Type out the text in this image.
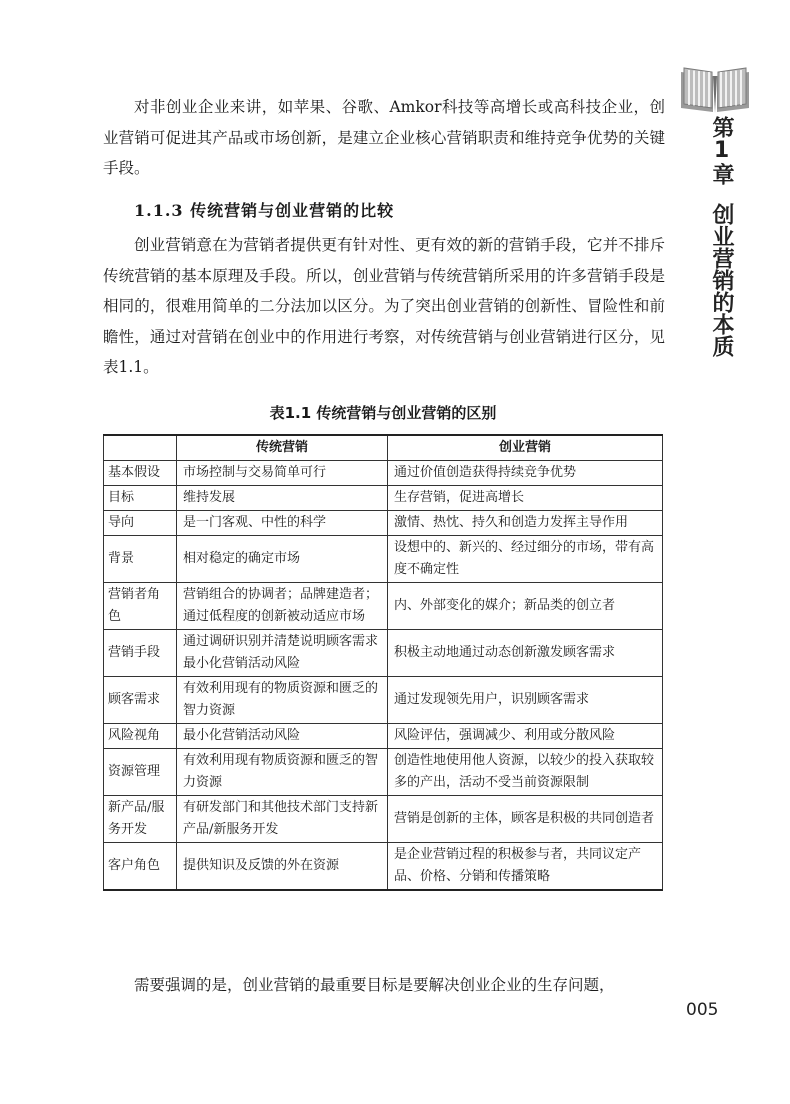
第1章
创业营销的本质

对非创业企业来讲，如苹果、谷歌、Amkor科技等高增长或高科技企业，创业营销可促进其产品或市场创新，是建立企业核心营销职责和维持竞争优势的关键手段。

1.1.3 传统营销与创业营销的比较

创业营销意在为营销者提供更有针对性、更有效的新的营销手段，它并不排斥传统营销的基本原理及手段。所以，创业营销与传统营销所采用的许多营销手段是相同的，很难用简单的二分法加以区分。为了突出创业营销的创新性、冒险性和前瞻性，通过对营销在创业中的作用进行考察，对传统营销与创业营销进行区分，见表1.1。

表1.1 传统营销与创业营销的区别

	传统营销	创业营销
基本假设	市场控制与交易简单可行	通过价值创造获得持续竞争优势
目标	维持发展	生存营销，促进高增长
导向	是一门客观、中性的科学	激情、热忱、持久和创造力发挥主导作用
背景	相对稳定的确定市场	设想中的、新兴的、经过细分的市场，带有高度不确定性
营销者角色	营销组合的协调者；品牌建造者；通过低程度的创新被动适应市场	内、外部变化的媒介；新品类的创立者
营销手段	通过调研识别并清楚说明顾客需求最小化营销活动风险	积极主动地通过动态创新激发顾客需求
顾客需求	有效利用现有的物质资源和匮乏的智力资源	通过发现领先用户，识别顾客需求
风险视角	最小化营销活动风险	风险评估，强调减少、利用或分散风险
资源管理	有效利用现有物质资源和匮乏的智力资源	创造性地使用他人资源，以较少的投入获取较多的产出，活动不受当前资源限制
新产品/服务开发	有研发部门和其他技术部门支持新产品/新服务开发	营销是创新的主体，顾客是积极的共同创造者
客户角色	提供知识及反馈的外在资源	是企业营销过程的积极参与者，共同议定产品、价格、分销和传播策略

需要强调的是，创业营销的最重要目标是要解决创业企业的生存问题，

005
